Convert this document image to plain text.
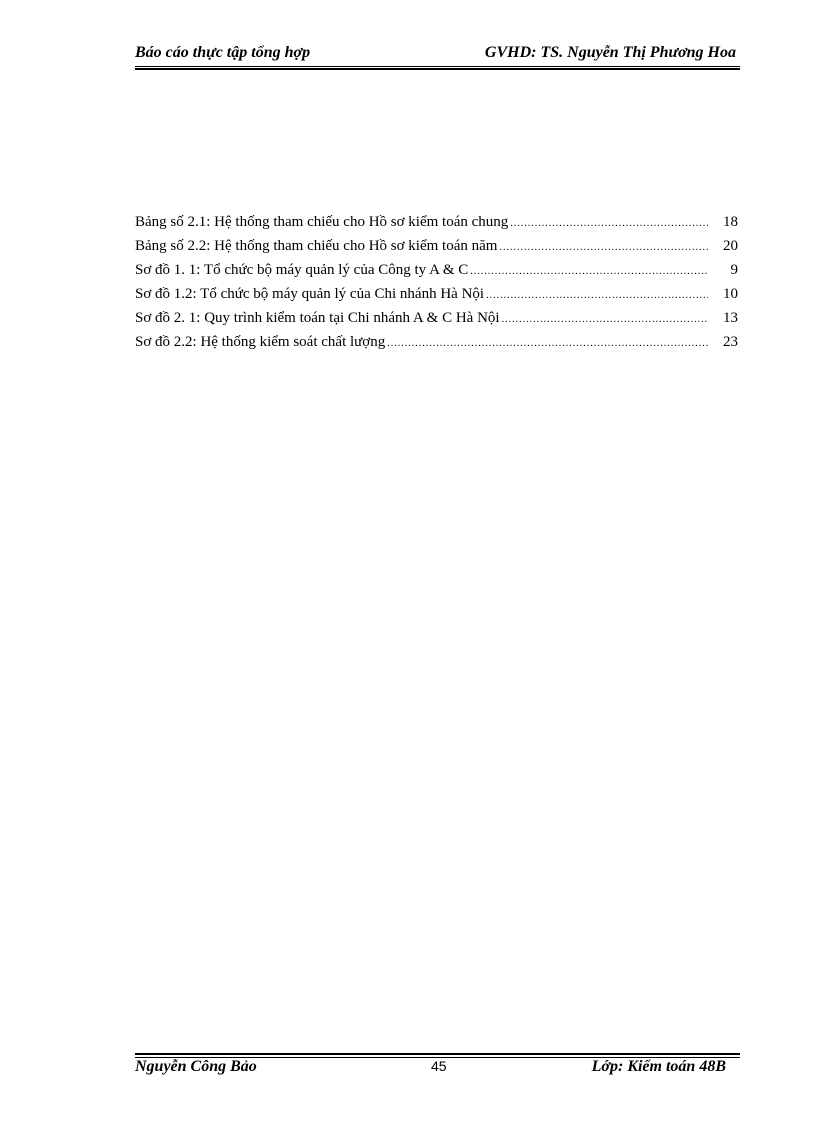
Báo cáo thực tập tổng hợp	GVHD: TS. Nguyễn Thị Phương Hoa
Bảng số 2.1: Hệ thống tham chiếu cho Hồ sơ kiểm toán chung .....	18
Bảng số 2.2: Hệ thống tham chiếu cho Hồ sơ kiểm toán năm .....	20
Sơ đồ 1. 1: Tổ chức bộ máy quản lý của Công ty A & C .....	9
Sơ đồ 1.2: Tổ chức bộ máy quản lý của Chi nhánh Hà Nội .....	10
Sơ đồ 2. 1: Quy trình kiểm toán tại Chi nhánh A & C Hà Nội .....	13
Sơ đồ 2.2: Hệ thống kiểm soát chất lượng .....	23
Nguyễn Công Bảo	45	Lớp: Kiểm toán 48B
